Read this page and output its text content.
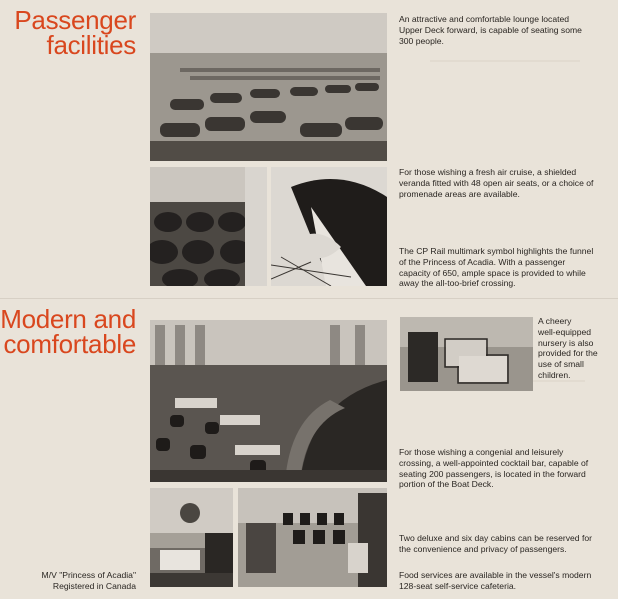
Passenger
facilities
Modern and
comfortable
An attractive and comfortable lounge located
Upper Deck forward, is capable of seating some
300 people.
For those wishing a fresh air cruise, a shielded
veranda fitted with 48 open air seats, or a choice of
promenade areas are available.
The CP Rail multimark symbol highlights the funnel
of the Princess of Acadia. With a passenger
capacity of 650, ample space is provided to while
away the all-too-brief crossing.
A cheery
well-equipped
nursery is also
provided for the
use of small
children.
For those wishing a congenial and leisurely
crossing, a well-appointed cocktail bar, capable of
seating 200 passengers, is located in the forward
portion of the Boat Deck.
Two deluxe and six day cabins can be reserved for
the convenience and privacy of passengers.
Food services are available in the vessel's modern
128-seat self-service cafeteria.
M/V "Princess of Acadia"
Registered in Canada
